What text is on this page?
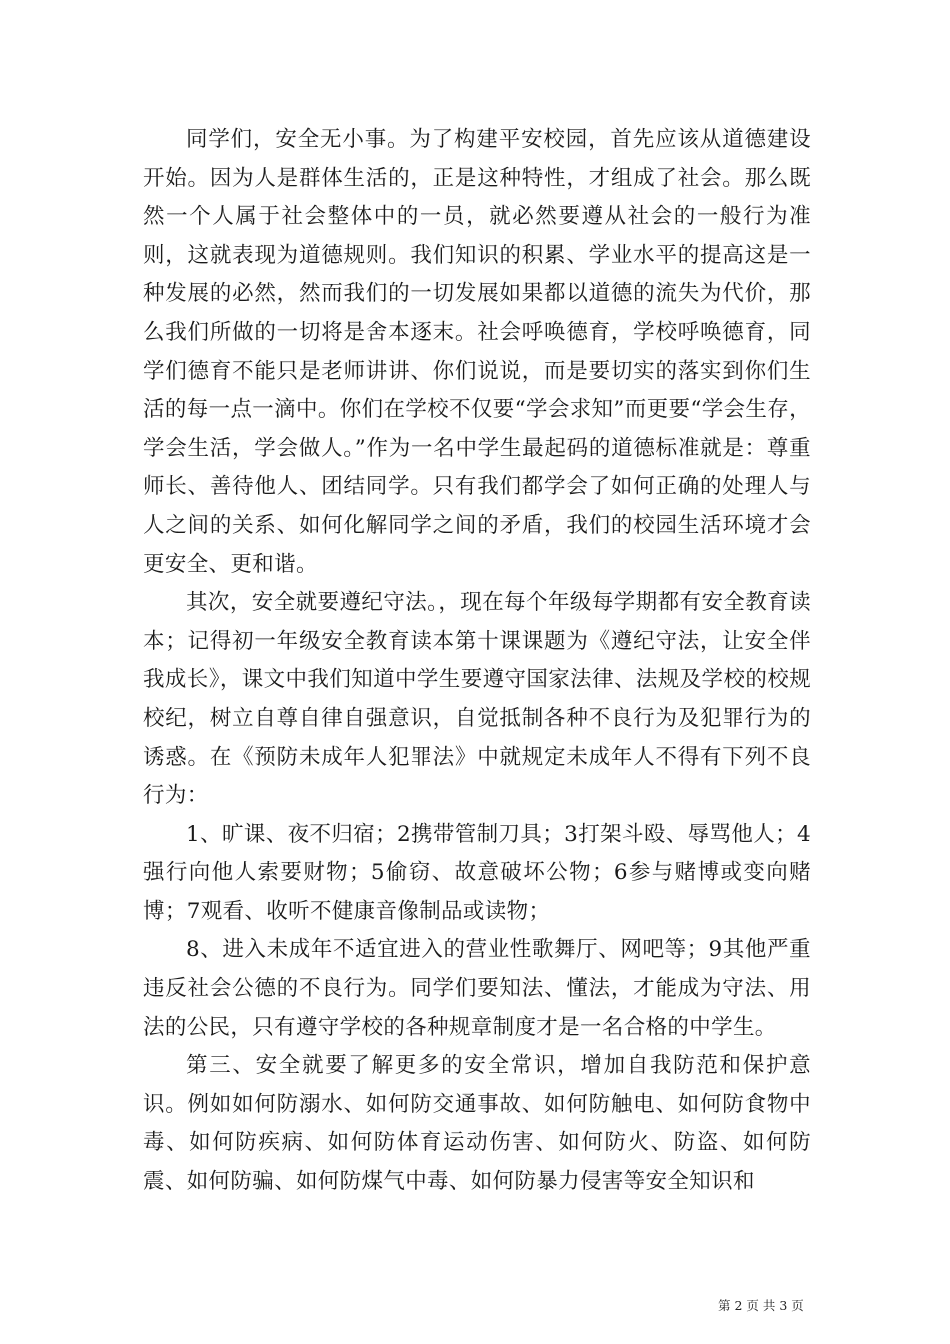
同学们，安全无小事。为了构建平安校园，首先应该从道德建设开始。因为人是群体生活的，正是这种特性，才组成了社会。那么既然一个人属于社会整体中的一员，就必然要遵从社会的一般行为准则，这就表现为道德规则。我们知识的积累、学业水平的提高这是一种发展的必然，然而我们的一切发展如果都以道德的流失为代价，那么我们所做的一切将是舍本逐末。社会呼唤德育，学校呼唤德育，同学们德育不能只是老师讲讲、你们说说，而是要切实的落实到你们生活的每一点一滴中。你们在学校不仅要“学会求知”而更要“学会生存，学会生活，学会做人。”作为一名中学生最起码的道德标准就是：尊重师长、善待他人、团结同学。只有我们都学会了如何正确的处理人与人之间的关系、如何化解同学之间的矛盾，我们的校园生活环境才会更安全、更和谐。

其次，安全就要遵纪守法。，现在每个年级每学期都有安全教育读本；记得初一年级安全教育读本第十课课题为《遵纪守法，让安全伴我成长》，课文中我们知道中学生要遵守国家法律、法规及学校的校规校纪，树立自尊自律自强意识，自觉抵制各种不良行为及犯罪行为的诱惑。在《预防未成年人犯罪法》中就规定未成年人不得有下列不良行为：

1、旷课、夜不归宿；2携带管制刀具；3打架斗殴、辱骂他人；4强行向他人索要财物；5偷窃、故意破坏公物；6参与赌博或变向赌博；7观看、收听不健康音像制品或读物；

8、进入未成年不适宜进入的营业性歌舞厅、网吧等；9其他严重违反社会公德的不良行为。同学们要知法、懂法，才能成为守法、用法的公民，只有遵守学校的各种规章制度才是一名合格的中学生。

第三、安全就要了解更多的安全常识，增加自我防范和保护意识。例如如何防溺水、如何防交通事故、如何防触电、如何防食物中毒、如何防疾病、如何防体育运动伤害、如何防火、防盗、如何防震、如何防骗、如何防煤气中毒、如何防暴力侵害等安全知识和

第 2 页 共 3 页
